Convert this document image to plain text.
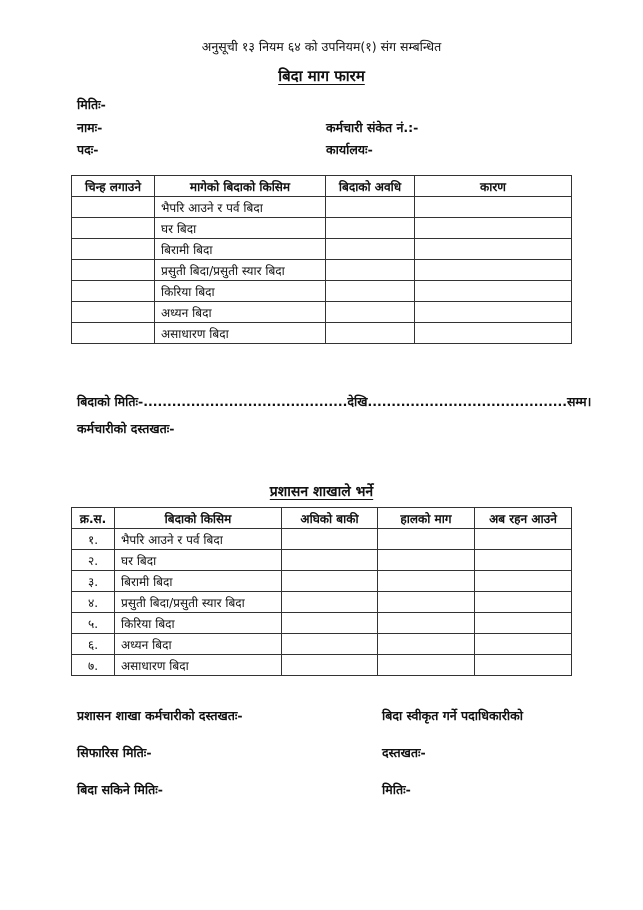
अनुसूची १३ नियम ६४ को उपनियम(१) संग सम्बन्धित
बिदा माग फारम
मितिः-
नामः-	कर्मचारी संकेत नं.:-
पदः-	कार्यालयः-
चिन्ह लगाउने	मागेको बिदाको किसिम	बिदाको अवधि	कारण
	भैपरि आउने र पर्व बिदा		
	घर बिदा		
	बिरामी बिदा		
	प्रसुती बिदा/प्रसुती स्यार बिदा		
	किरिया बिदा		
	अध्यन बिदा		
	असाधारण बिदा		
बिदाको मितिः-...........................................देखि..........................................सम्म।
कर्मचारीको दस्तखतः-
प्रशासन शाखाले भर्ने
क्र.स.	बिदाको किसिम	अघिको बाकी	हालको माग	अब रहन आउने
१.	भैपरि आउने र पर्व बिदा			
२.	घर बिदा			
३.	बिरामी बिदा			
४.	प्रसुती बिदा/प्रसुती स्यार बिदा			
५.	किरिया बिदा			
६.	अध्यन बिदा			
७.	असाधारण बिदा			
प्रशासन शाखा कर्मचारीको दस्तखतः-	बिदा स्वीकृत गर्ने पदाधिकारीको
सिफारिस मितिः-	दस्तखतः-
बिदा सकिने मितिः-	मितिः-
